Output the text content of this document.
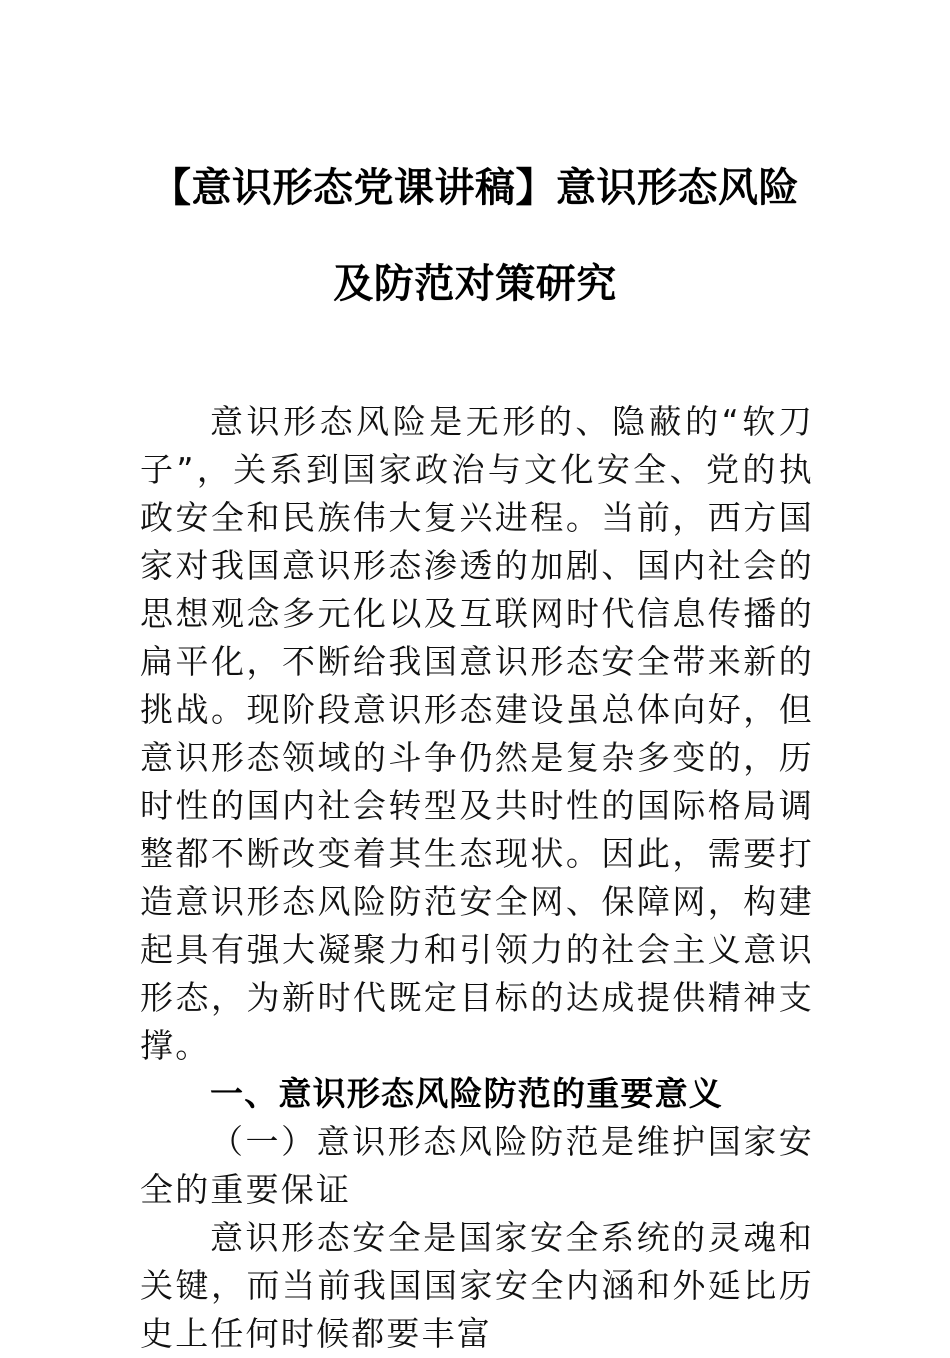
【意识形态党课讲稿】意识形态风险及防范对策研究

意识形态风险是无形的、隐蔽的“软刀子”，关系到国家政治与文化安全、党的执政安全和民族伟大复兴进程。当前，西方国家对我国意识形态渗透的加剧、国内社会的思想观念多元化以及互联网时代信息传播的扁平化，不断给我国意识形态安全带来新的挑战。现阶段意识形态建设虽总体向好，但意识形态领域的斗争仍然是复杂多变的，历时性的国内社会转型及共时性的国际格局调整都不断改变着其生态现状。因此，需要打造意识形态风险防范安全网、保障网，构建起具有强大凝聚力和引领力的社会主义意识形态，为新时代既定目标的达成提供精神支撑。

一、意识形态风险防范的重要意义

（一）意识形态风险防范是维护国家安全的重要保证

意识形态安全是国家安全系统的灵魂和关键，而当前我国国家安全内涵和外延比历史上任何时候都要丰富
